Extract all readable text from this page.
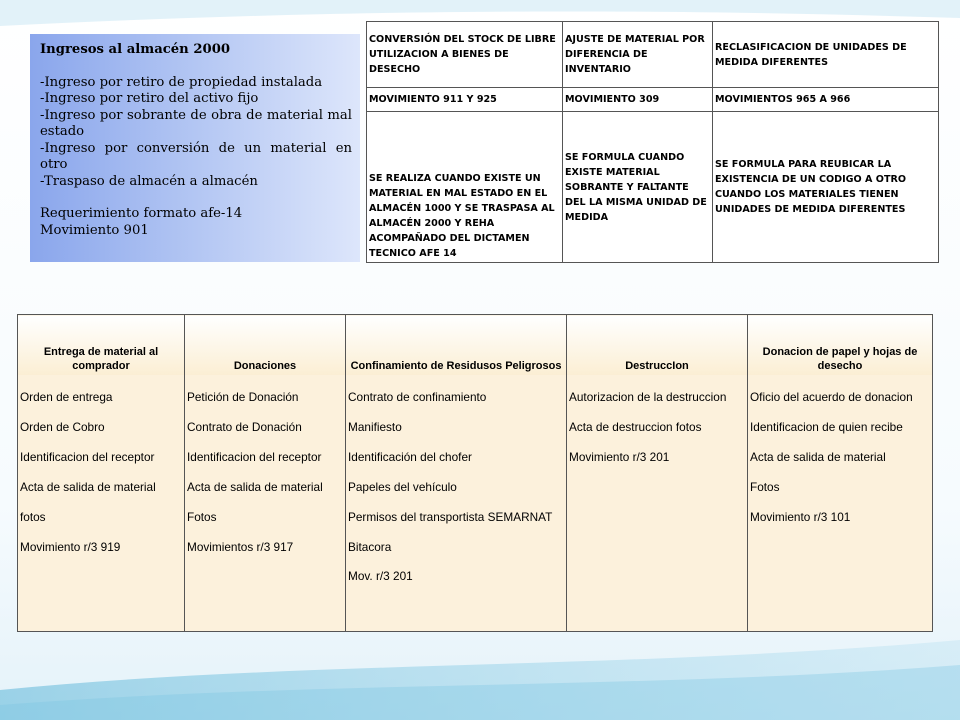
Ingresos al almacén 2000
-Ingreso por retiro de propiedad instalada
-Ingreso por retiro del activo fijo
-Ingreso por sobrante de obra de material mal estado
-Ingreso por conversión de un material en otro
-Traspaso de almacén a almacén
Requerimiento formato afe-14
Movimiento 901
CONVERSIÓN DEL STOCK DE LIBRE UTILIZACION A BIENES DE DESECHO	AJUSTE DE MATERIAL POR DIFERENCIA DE INVENTARIO	RECLASIFICACION DE UNIDADES DE MEDIDA DIFERENTES
MOVIMIENTO 911 Y 925	MOVIMIENTO 309	MOVIMIENTOS 965 A 966
SE REALIZA CUANDO EXISTE UN MATERIAL EN MAL ESTADO EN EL ALMACÉN 1000 Y SE TRASPASA AL ALMACÉN 2000 Y REHA ACOMPAÑADO DEL DICTAMEN TECNICO AFE 14	SE FORMULA CUANDO EXISTE MATERIAL SOBRANTE Y FALTANTE DEL LA MISMA UNIDAD DE MEDIDA	SE FORMULA PARA REUBICAR LA EXISTENCIA DE UN CODIGO A OTRO CUANDO LOS MATERIALES TIENEN UNIDADES DE MEDIDA DIFERENTES
Entrega de material al comprador	Donaciones	Confinamiento de Residusos Peligrosos	DestruccIon	Donacion de papel y hojas de desecho
Orden de entrega	Petición de Donación	Contrato de confinamiento	Autorizacion de la destruccion	Oficio del acuerdo de donacion
Orden de Cobro	Contrato de Donación	Manifiesto	Acta de destruccion fotos	Identificacion de quien recibe
Identificacion del receptor	Identificacion del receptor	Identificación del chofer	Movimiento r/3 201	Acta de salida de material
Acta de salida de material	Acta de salida de material	Papeles del vehículo		Fotos
fotos	Fotos	Permisos del transportista SEMARNAT		Movimiento r/3 101
Movimiento r/3 919	Movimientos r/3 917	Bitacora		
		Mov. r/3 201		
